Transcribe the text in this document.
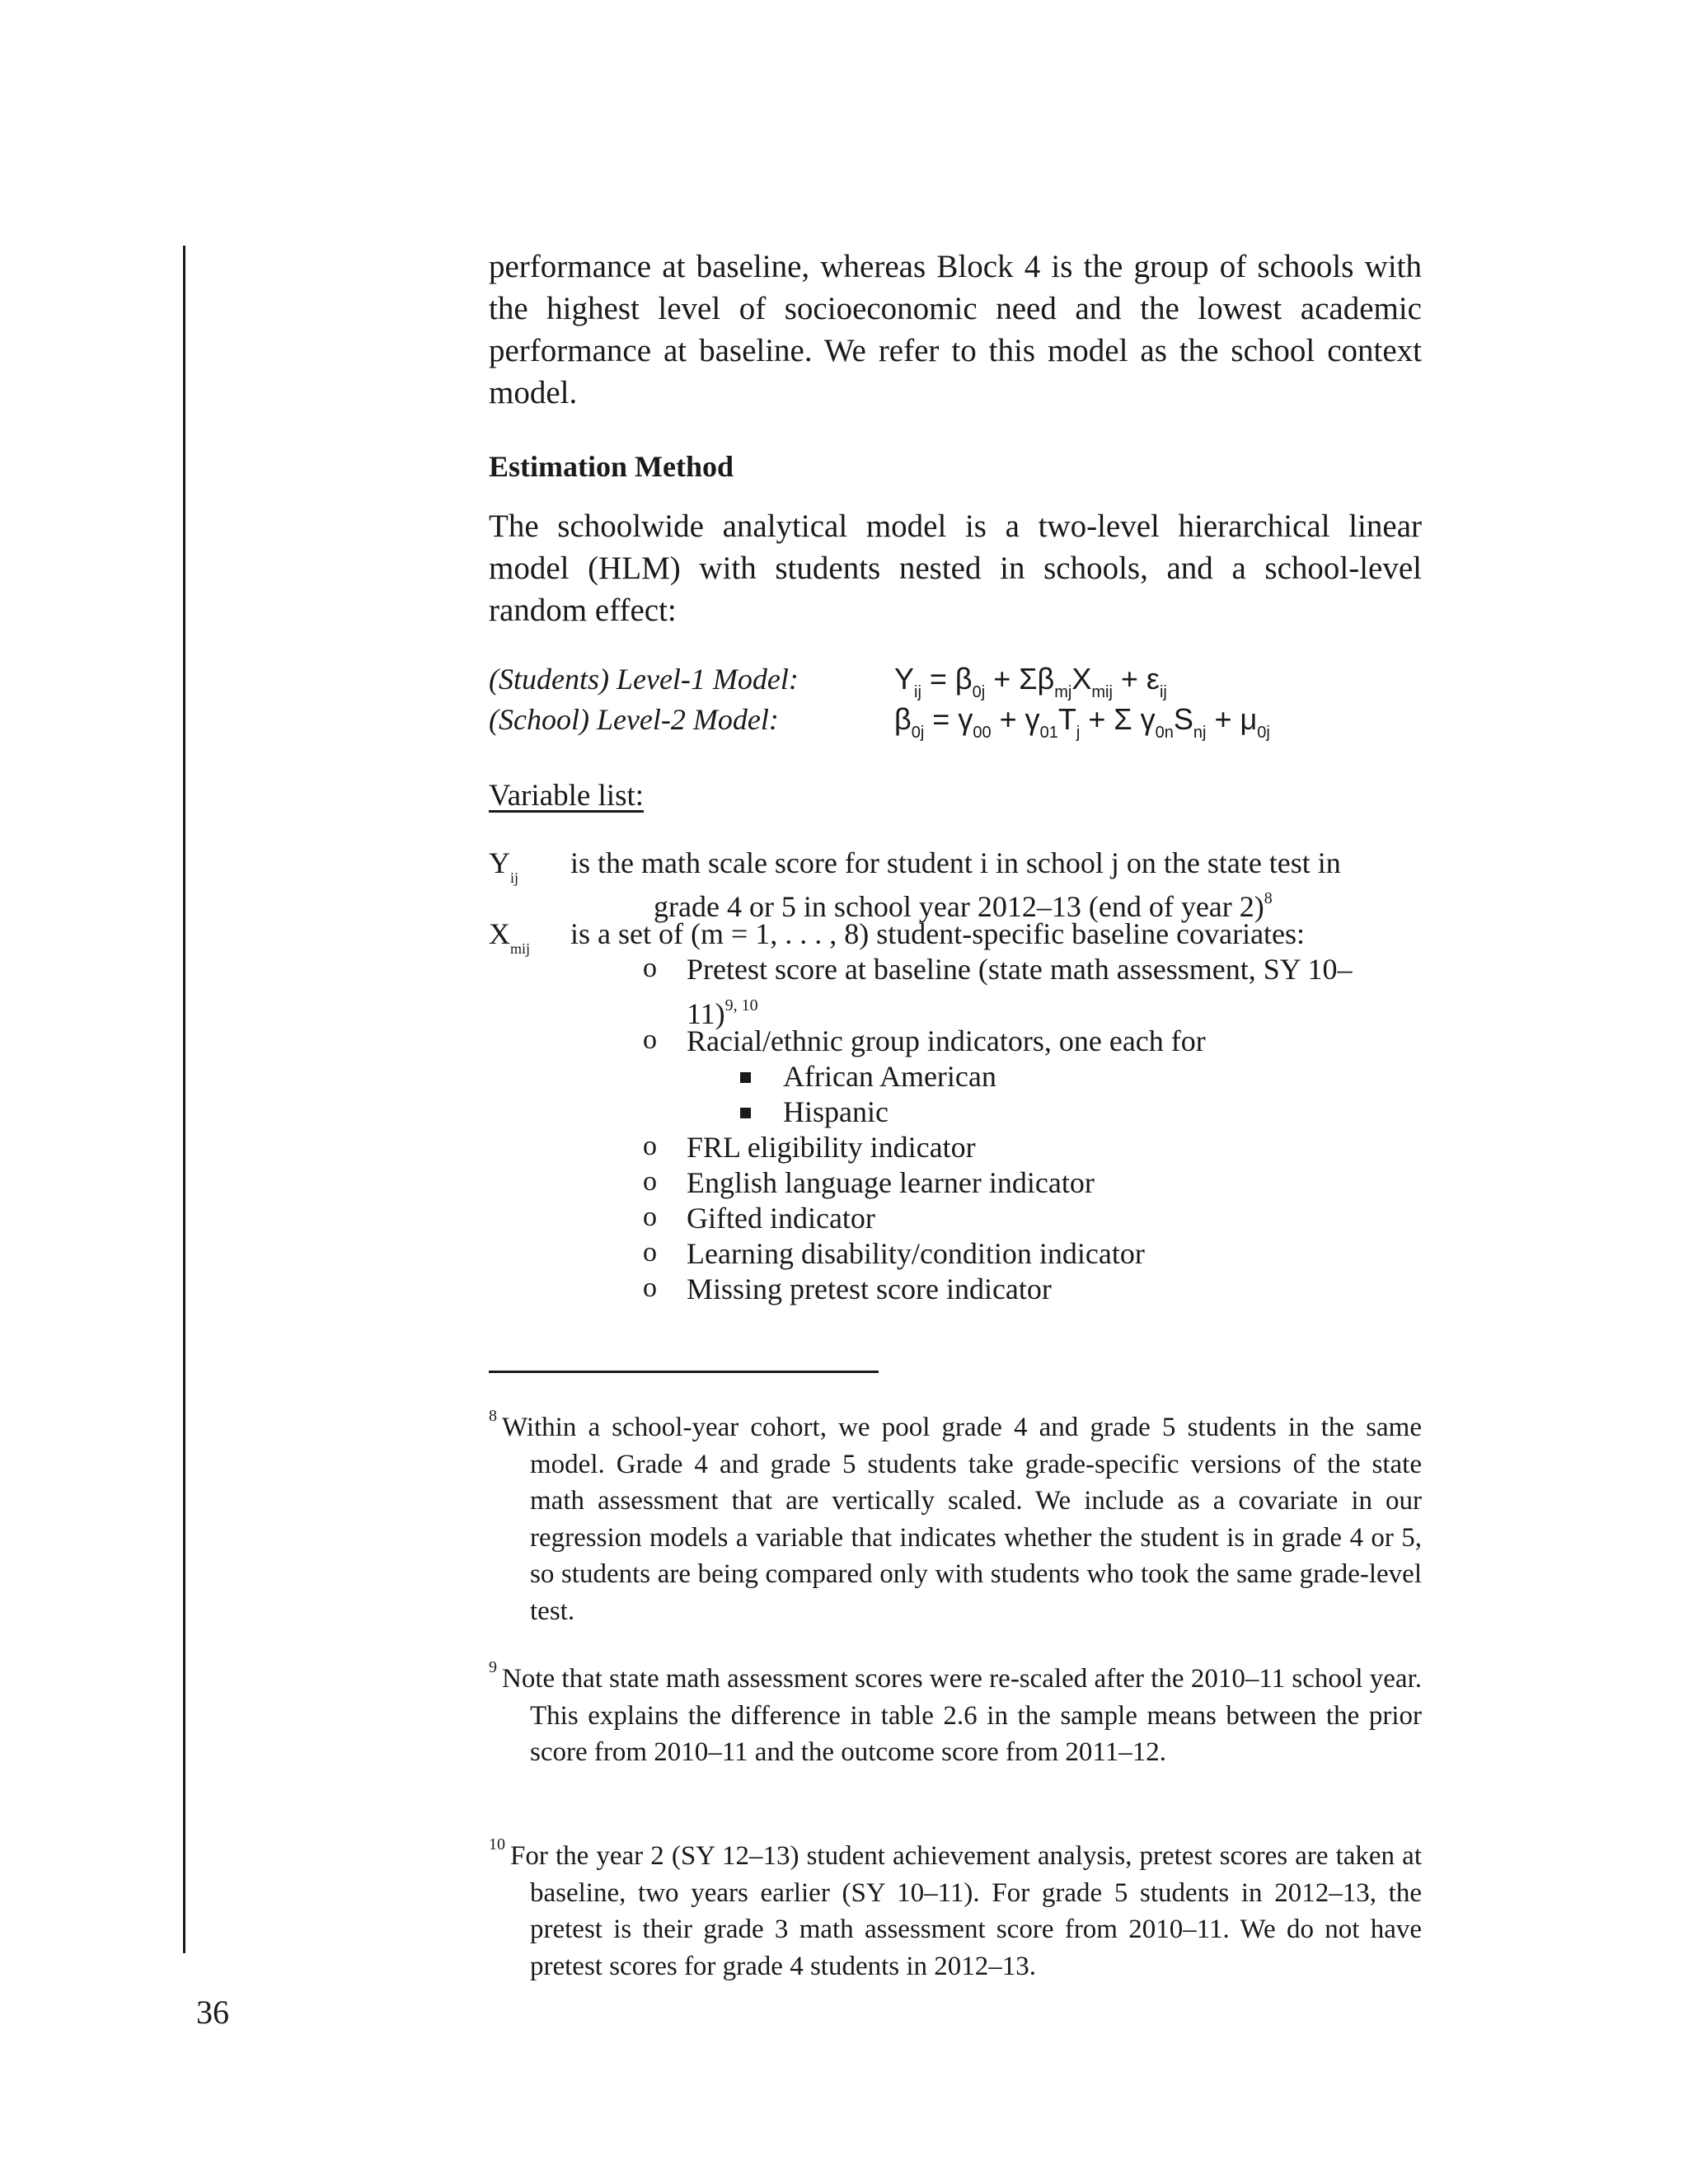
36

performance at baseline, whereas Block 4 is the group of schools with the highest level of socioeconomic need and the lowest academic performance at baseline. We refer to this model as the school context model.

Estimation Method

The schoolwide analytical model is a two-level hierarchical linear model (HLM) with students nested in schools, and a school-level random effect:

(Students) Level-1 Model:	$Y_{ij} = \beta_{0j} + \Sigma\beta_{mj}X_{mij} + \varepsilon_{ij}$
(School) Level-2 Model:	$\beta_{0j} = \gamma_{00} + \gamma_{01}T_j + \Sigma$ $\gamma_{0n}S_{nj} + \mu_{0j}$
Variable list:
$Y_{ij}$ is the math scale score for student i in school j on the state test in
grade 4 or 5 in school year 2012–13 (end of year 2)$^8$
$X_{mij}$ is a set of (m = 1, . . . , 8) student-specific baseline covariates:
o Pretest score at baseline (state math assessment, SY 10–
11)$^{9, 10}$
o Racial/ethnic group indicators, one each for
African American
Hispanic
o FRL eligibility indicator
o English language learner indicator
o Gifted indicator
o Learning disability/condition indicator
o Missing pretest score indicator

$^8$ Within a school-year cohort, we pool grade 4 and grade 5 students in the same model. Grade 4 and grade 5 students take grade-specific versions of the state math assessment that are vertically scaled. We include as a covariate in our regression models a variable that indicates whether the student is in grade 4 or 5, so students are being compared only with students who took the same grade-level test.

$^9$ Note that state math assessment scores were re-scaled after the 2010–11 school year. This explains the difference in table 2.6 in the sample means between the prior score from 2010–11 and the outcome score from 2011–12.

$^{10}$ For the year 2 (SY 12–13) student achievement analysis, pretest scores are taken at baseline, two years earlier (SY 10–11). For grade 5 students in 2012–13, the pretest is their grade 3 math assessment score from 2010–11. We do not have pretest scores for grade 4 students in 2012–13.
